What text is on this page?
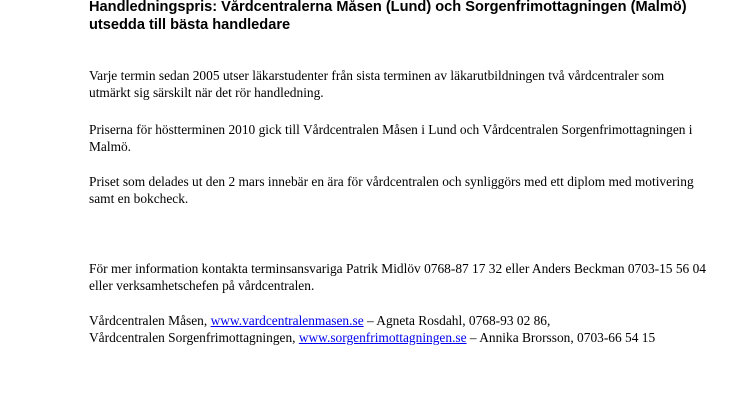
Handledningspris: Vårdcentralerna Måsen (Lund) och Sorgenfrimottagningen (Malmö) utsedda till bästa handledare

Varje termin sedan 2005 utser läkarstudenter från sista terminen av läkarutbildningen två vårdcentraler som utmärkt sig särskilt när det rör handledning.

Priserna för höstterminen 2010 gick till Vårdcentralen Måsen i Lund och Vårdcentralen Sorgenfrimottagningen i Malmö.

Priset som delades ut den 2 mars innebär en ära för vårdcentralen och synliggörs med ett diplom med motivering samt en bokcheck.

För mer information kontakta terminsansvariga Patrik Midlöv 0768-87 17 32 eller Anders Beckman 0703-15 56 04 eller verksamhetschefen på vårdcentralen.

Vårdcentralen Måsen, www.vardcentralenmasen.se – Agneta Rosdahl, 0768-93 02 86,
Vårdcentralen Sorgenfrimottagningen, www.sorgenfrimottagningen.se – Annika Brorsson, 0703-66 54 15
